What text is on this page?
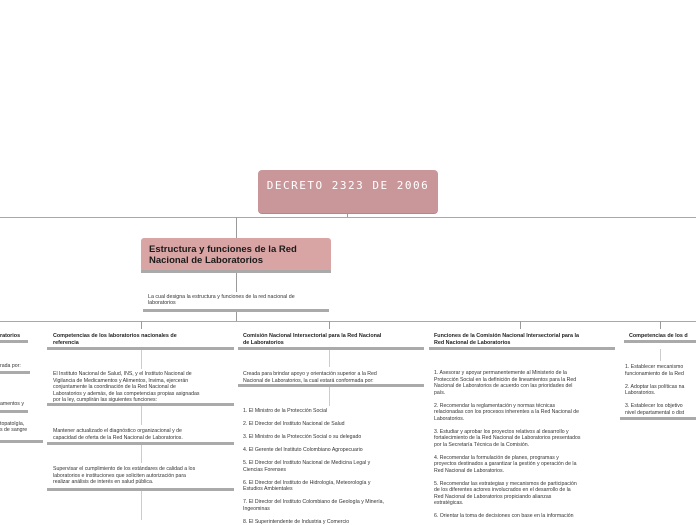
DECRETO 2323 DE 2006
Estructura y funciones de la Red
Nacional de Laboratorios
La cual designa la estructura y funciones de la red nacional de
laboratorios
ratorios
rada por:
amentos y
topatolgía,
s de sangre
Competencias de los laboratorios nacionales de
referencia

El Instituto Nacional de Salud, INS, y el Instituto Nacional de

Vigilancia de Medicamentos y Alimentos, Invima, ejercerán

conjuntamente la coordinación de la Red Nacional de

Laboratorios y además, de las competencias propias asignadas

por la ley, cumplirán las siguientes funciones:

Mantener actualizado el diagnóstico organizacional y de

capacidad de oferta de la Red Nacional de Laboratorios.

Supervisar el cumplimiento de los estándares de calidad a los

laboratorios e instituciones que soliciten autorización para

realizar análisis de interés en salud pública.

Comisión Nacional Intersectorial para la Red Nacional
de Laboratorios

Creada para brindar apoyo y orientación superior a la Red

Nacional de Laboratorios, la cual estará conformada por:

1. El Ministro de la Protección Social

2. El Director del Instituto Nacional de Salud

3. El Ministro de la Protección Social o su delegado

4. El Gerente del Instituto Colombiano Agropecuario

5. El Director del Instituto Nacional de Medicina Legal y

Ciencias Forenses

6. El Director del Instituto de Hidrología, Meteorología y

Estudios Ambientales

7. El Director del Instituto Colombiano de Geología y Minería,

Ingeominas

8. El Superintendente de Industria y Comercio

Funciones de la Comisión Nacional Intersectorial para la
Red Nacional de Laboratorios

1. Asesorar y apoyar permanentemente al Ministerio de la

Protección Social en la definición de lineamientos para la Red

Nacional de Laboratorios de acuerdo con las prioridades del

país.

2. Recomendar la reglamentación y normas técnicas

relacionadas con los procesos inherentes a la Red Nacional de

Laboratorios.

3. Estudiar y aprobar los proyectos relativos al desarrollo y

fortalecimiento de la Red Nacional de Laboratorios presentados

por la Secretaría Técnica de la Comisión.

4. Recomendar la formulación de planes, programas y

proyectos destinados a garantizar la gestión y operación de la

Red Nacional de Laboratorios.

5. Recomendar las estrategias y mecanismos de participación

de los diferentes actores involucrados en el desarrollo de la

Red Nacional de Laboratorios propiciando alianzas

estratégicas.

6. Orientar la toma de decisiones con base en la información

Competencias de los d

1. Establecer mecanismo

funcionamiento de la Red

2. Adoptar las políticas na

Laboratorios.

3. Establecer los objetivo

nivel departamental o dist
